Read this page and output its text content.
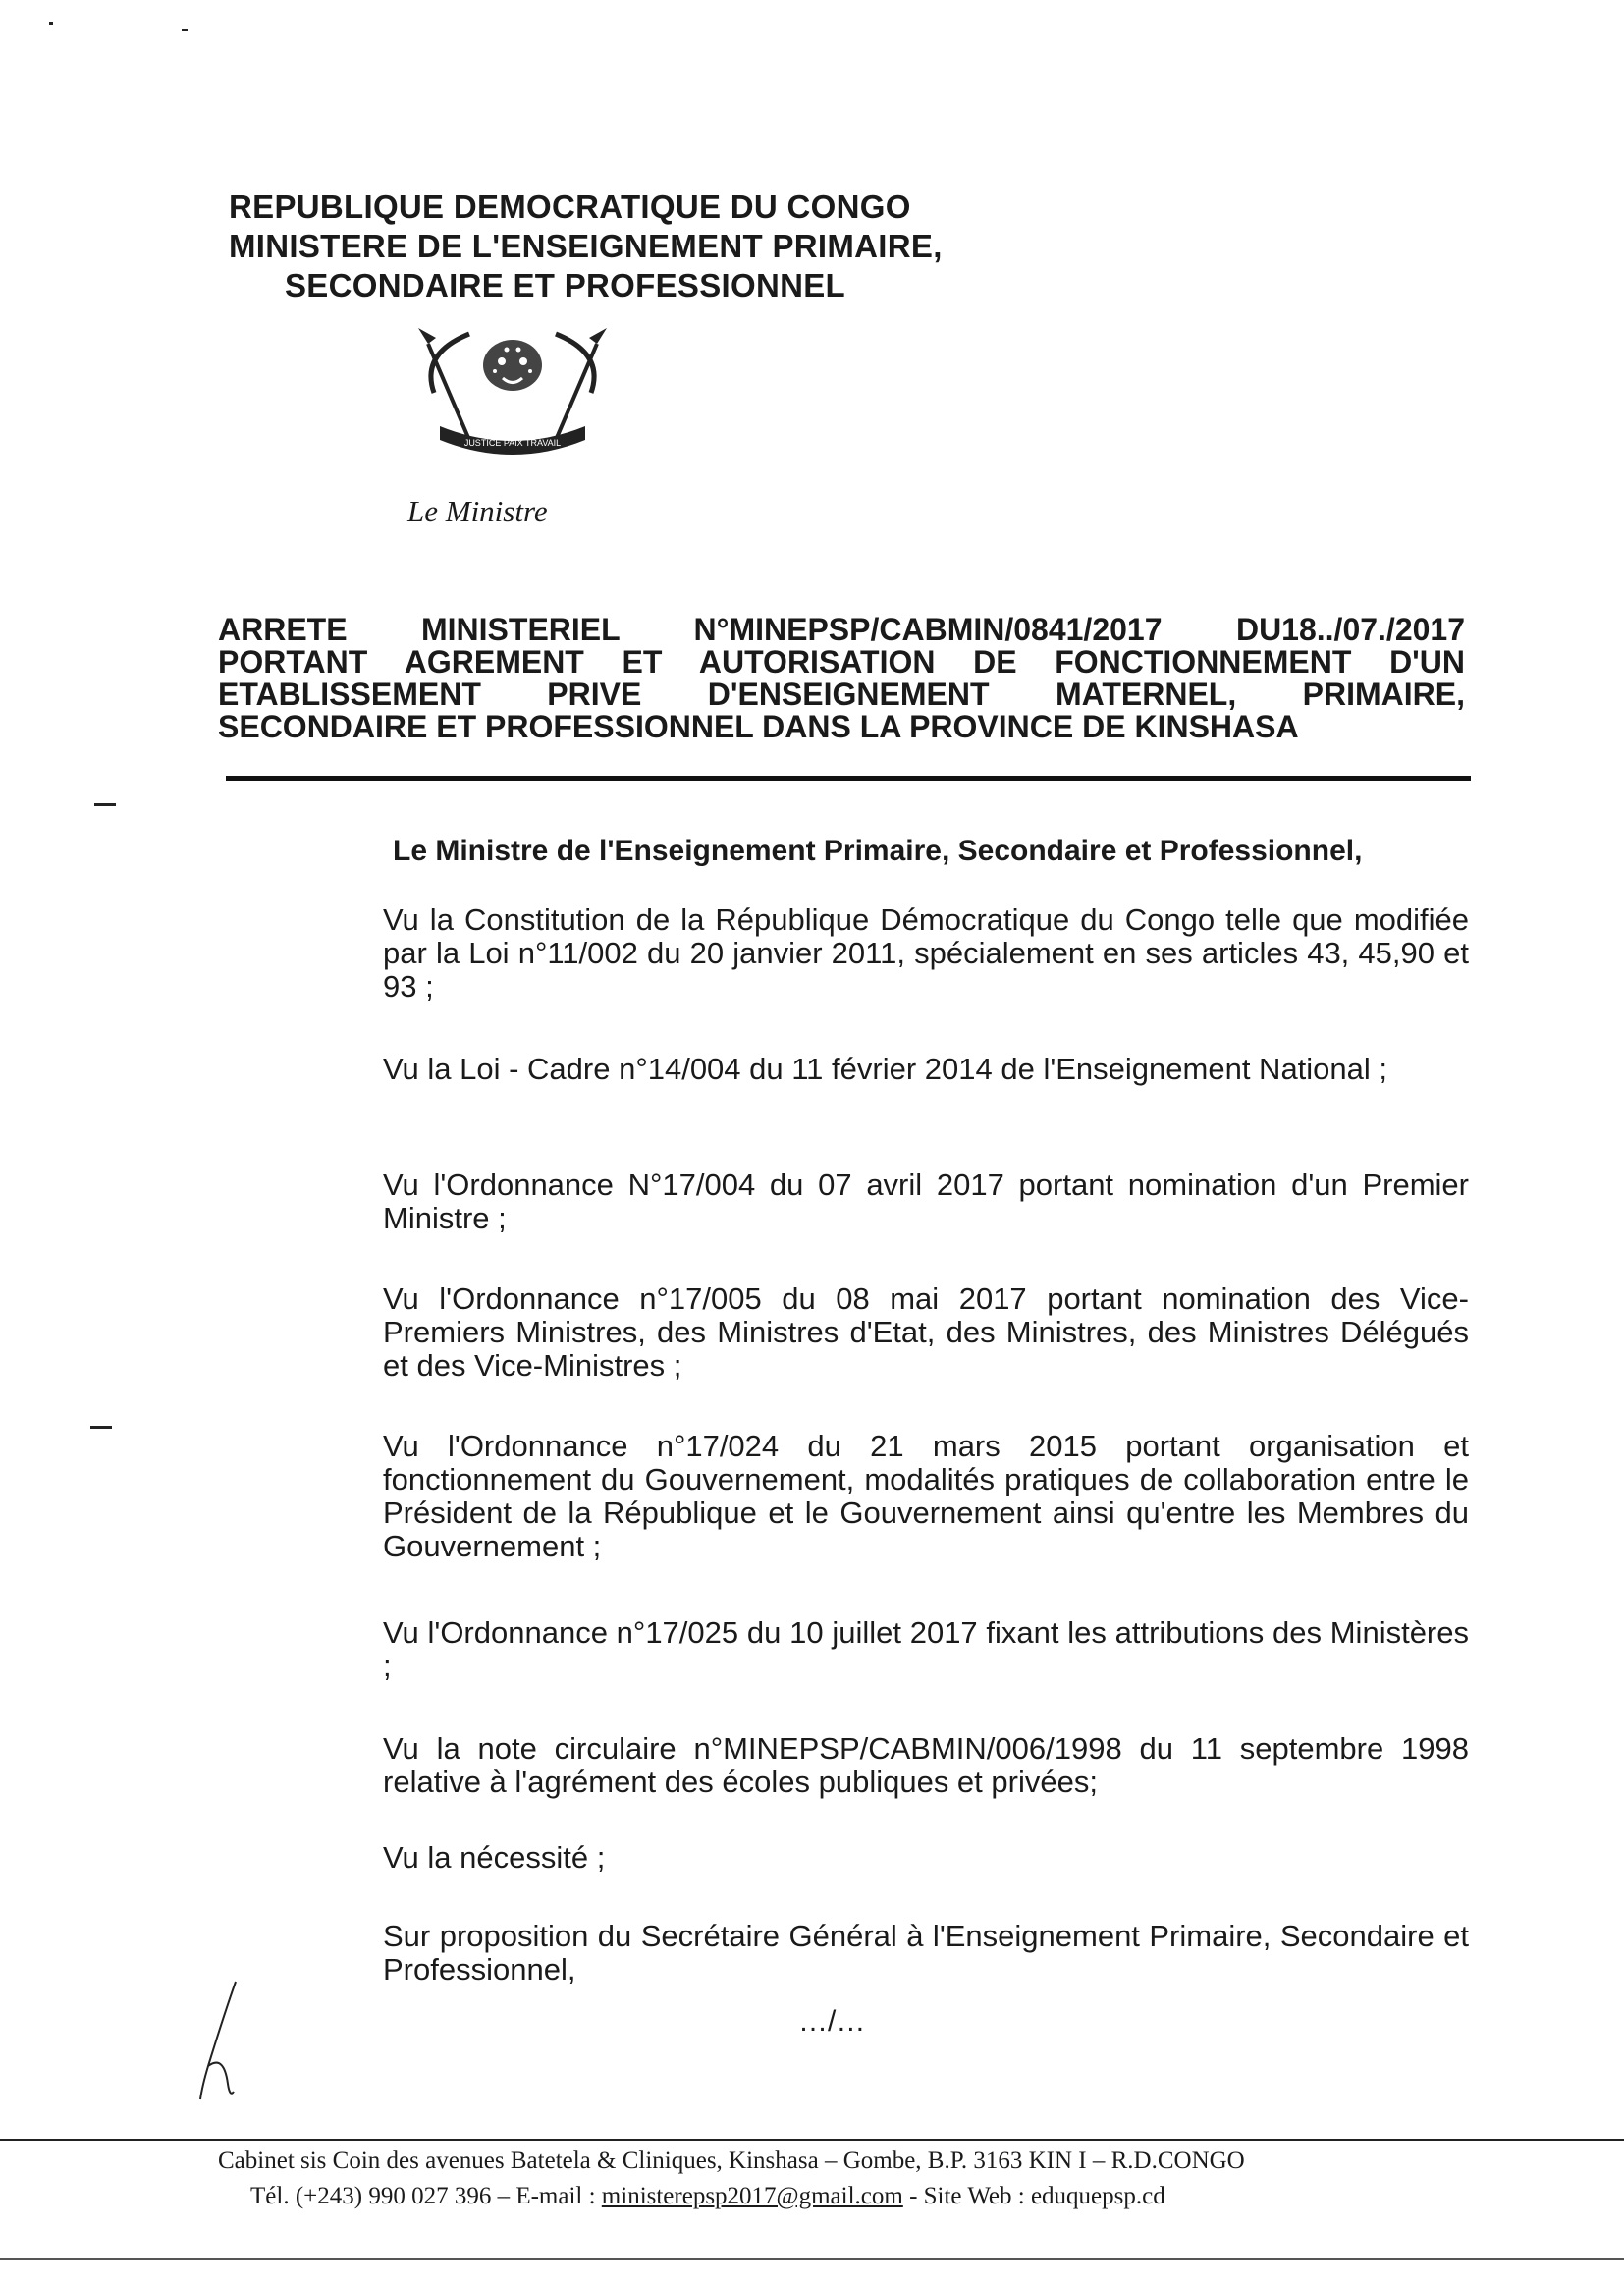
REPUBLIQUE DEMOCRATIQUE DU CONGO
MINISTERE DE L'ENSEIGNEMENT PRIMAIRE,
SECONDAIRE ET PROFESSIONNEL
JUSTICE PAIX TRAVAIL
Le Ministre
ARRETE MINISTERIEL N°MINEPSP/CABMIN/0841/2017 DU18../07./2017
PORTANT AGREMENT ET AUTORISATION DE FONCTIONNEMENT D'UN
ETABLISSEMENT PRIVE D'ENSEIGNEMENT MATERNEL, PRIMAIRE,
SECONDAIRE ET PROFESSIONNEL DANS LA PROVINCE DE KINSHASA
Le Ministre de l'Enseignement Primaire, Secondaire et Professionnel,
Vu la Constitution de la République Démocratique du Congo telle que modifiée par la Loi n°11/002 du 20 janvier 2011, spécialement en ses articles 43, 45,90 et 93 ;
Vu la Loi - Cadre n°14/004 du 11 février 2014 de l'Enseignement National ;
Vu l'Ordonnance N°17/004 du 07 avril 2017 portant nomination d'un Premier Ministre ;
Vu l'Ordonnance n°17/005 du 08 mai 2017 portant nomination des Vice-Premiers Ministres, des Ministres d'Etat, des Ministres, des Ministres Délégués et des Vice-Ministres ;
Vu l'Ordonnance n°17/024 du 21 mars 2015 portant organisation et fonctionnement du Gouvernement, modalités pratiques de collaboration entre le Président de la République et le Gouvernement ainsi qu'entre les Membres du Gouvernement ;
Vu l'Ordonnance n°17/025 du 10 juillet 2017 fixant les attributions des Ministères ;
Vu la note circulaire n°MINEPSP/CABMIN/006/1998 du 11 septembre 1998 relative à l'agrément des écoles publiques et privées;
Vu la nécessité ;
Sur proposition du Secrétaire Général à l'Enseignement Primaire, Secondaire et Professionnel,
…/…
Cabinet sis Coin des avenues Batetela & Cliniques, Kinshasa – Gombe, B.P. 3163 KIN I – R.D.CONGO
Tél. (+243) 990 027 396 – E-mail : ministerepsp2017@gmail.com - Site Web : eduquepsp.cd
